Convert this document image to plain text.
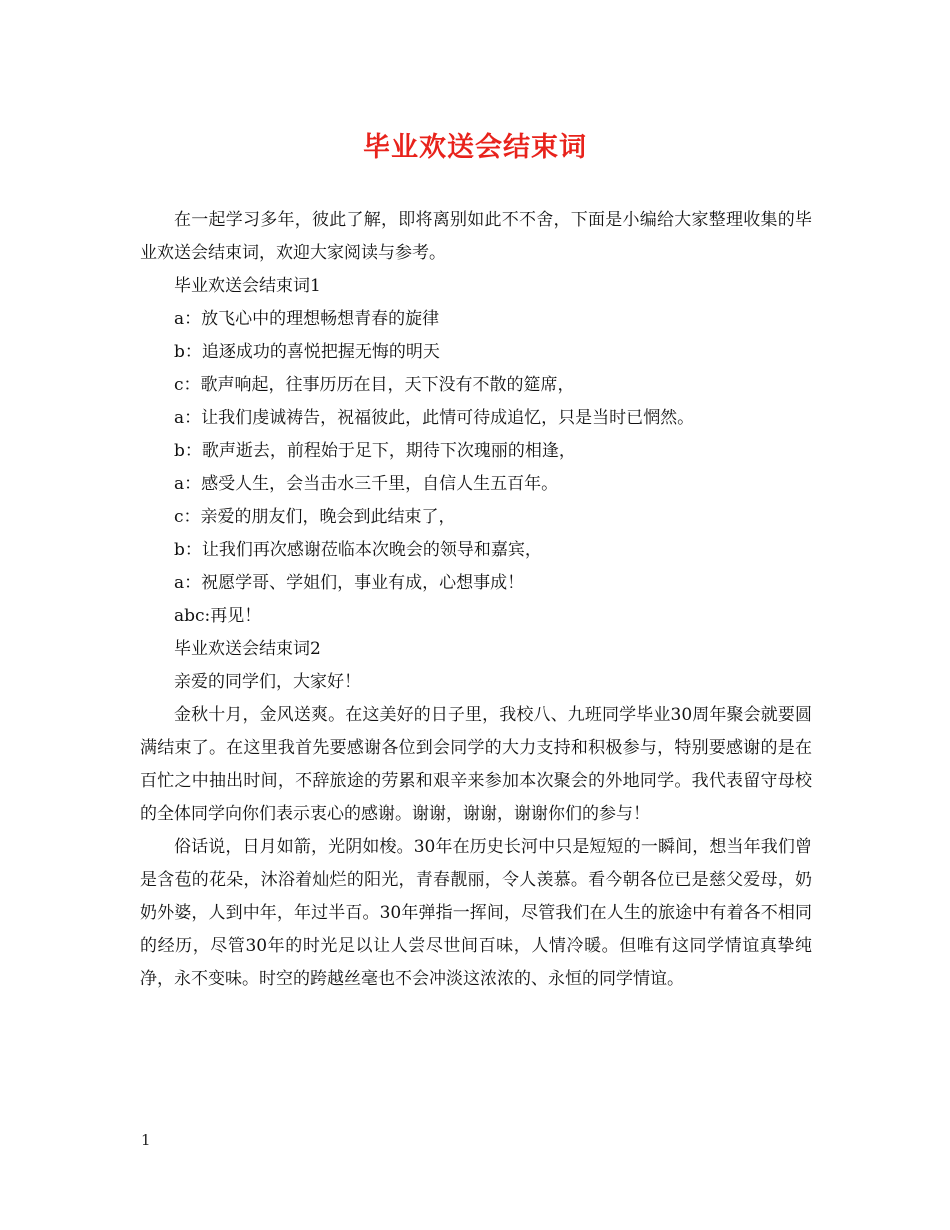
毕业欢送会结束词

在一起学习多年，彼此了解，即将离别如此不不舍，下面是小编给大家整理收集的毕业欢送会结束词，欢迎大家阅读与参考。

毕业欢送会结束词1

a：放飞心中的理想畅想青春的旋律

b：追逐成功的喜悦把握无悔的明天

c：歌声响起，往事历历在目，天下没有不散的筵席，

a：让我们虔诚祷告，祝福彼此，此情可待成追忆，只是当时已惘然。

b：歌声逝去，前程始于足下，期待下次瑰丽的相逢，

a：感受人生，会当击水三千里，自信人生五百年。

c：亲爱的朋友们，晚会到此结束了，

b：让我们再次感谢莅临本次晚会的领导和嘉宾，

a：祝愿学哥、学姐们，事业有成，心想事成！

abc:再见！

毕业欢送会结束词2

亲爱的同学们，大家好！

金秋十月，金风送爽。在这美好的日子里，我校八、九班同学毕业30周年聚会就要圆满结束了。在这里我首先要感谢各位到会同学的大力支持和积极参与，特别要感谢的是在百忙之中抽出时间，不辞旅途的劳累和艰辛来参加本次聚会的外地同学。我代表留守母校的全体同学向你们表示衷心的感谢。谢谢，谢谢，谢谢你们的参与！

俗话说，日月如箭，光阴如梭。30年在历史长河中只是短短的一瞬间，想当年我们曾是含苞的花朵，沐浴着灿烂的阳光，青春靓丽，令人羡慕。看今朝各位已是慈父爱母，奶奶外婆，人到中年，年过半百。30年弹指一挥间，尽管我们在人生的旅途中有着各不相同的经历，尽管30年的时光足以让人尝尽世间百味，人情冷暖。但唯有这同学情谊真挚纯净，永不变味。时空的跨越丝毫也不会冲淡这浓浓的、永恒的同学情谊。

1
